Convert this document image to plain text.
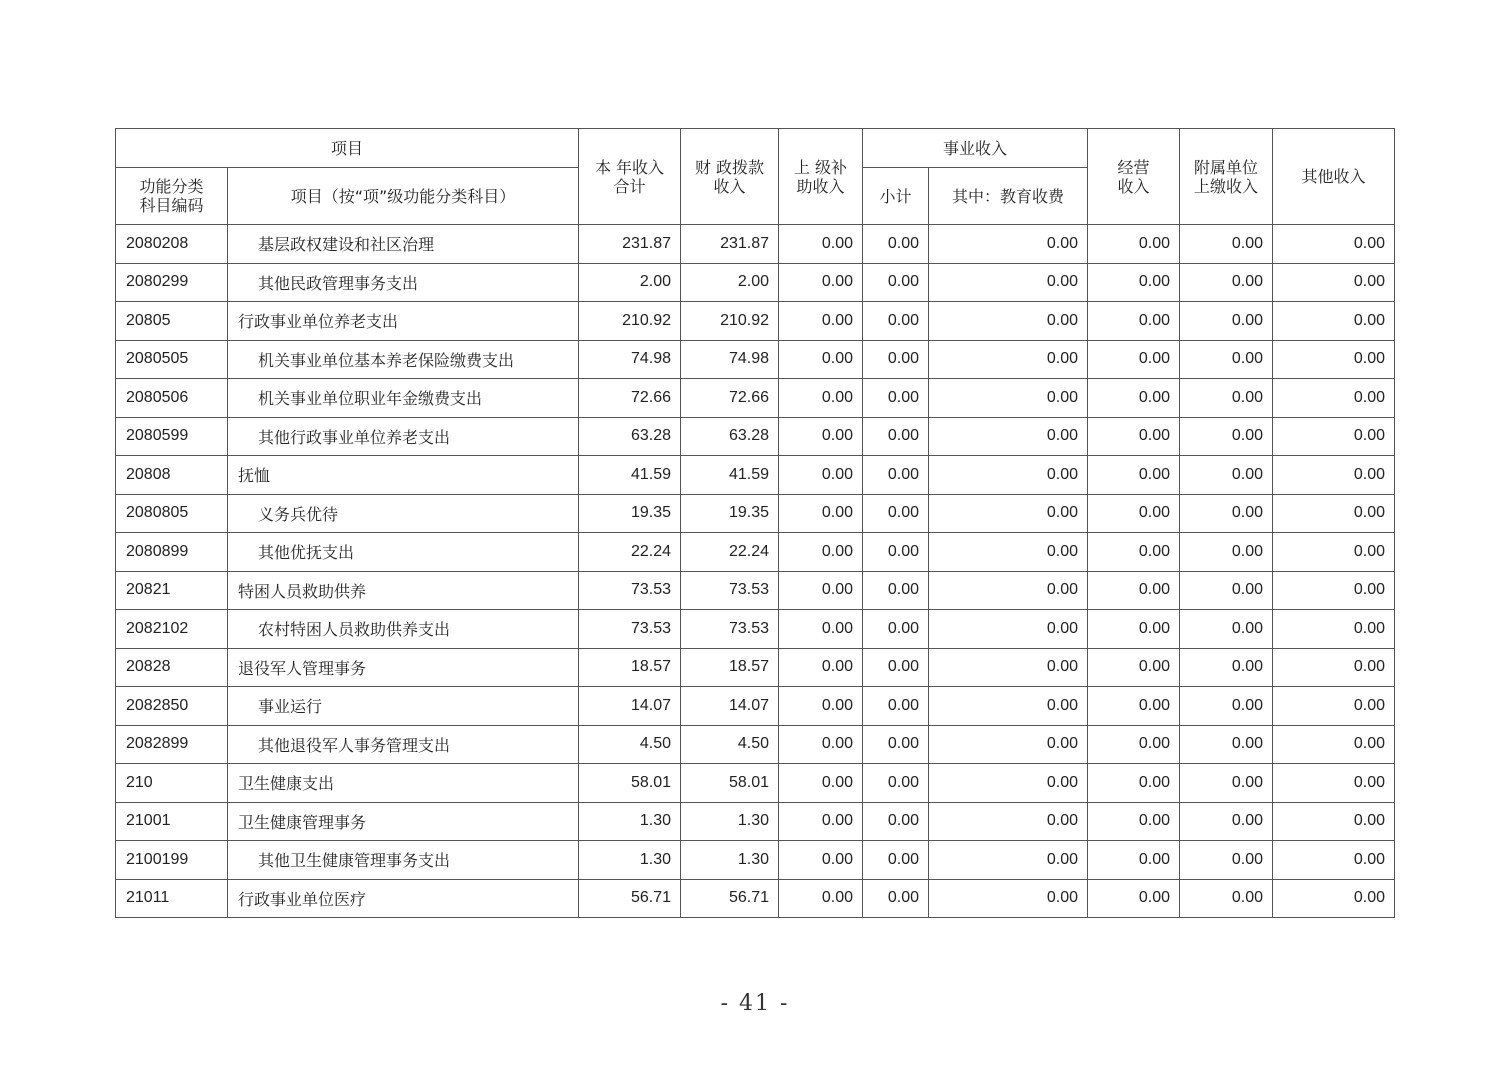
项目		本 年收入合计	财 政拨款收入	上 级补助收入	事业收入		经营收入	附属单位上缴收入	其他收入
功能分类科目编码	项目（按“项”级功能分类科目）				小计	其中：教育收费			
2080208	基层政权建设和社区治理	231.87	231.87	0.00	0.00	0.00	0.00	0.00	0.00
2080299	其他民政管理事务支出	2.00	2.00	0.00	0.00	0.00	0.00	0.00	0.00
20805	行政事业单位养老支出	210.92	210.92	0.00	0.00	0.00	0.00	0.00	0.00
2080505	机关事业单位基本养老保险缴费支出	74.98	74.98	0.00	0.00	0.00	0.00	0.00	0.00
2080506	机关事业单位职业年金缴费支出	72.66	72.66	0.00	0.00	0.00	0.00	0.00	0.00
2080599	其他行政事业单位养老支出	63.28	63.28	0.00	0.00	0.00	0.00	0.00	0.00
20808	抚恤	41.59	41.59	0.00	0.00	0.00	0.00	0.00	0.00
2080805	义务兵优待	19.35	19.35	0.00	0.00	0.00	0.00	0.00	0.00
2080899	其他优抚支出	22.24	22.24	0.00	0.00	0.00	0.00	0.00	0.00
20821	特困人员救助供养	73.53	73.53	0.00	0.00	0.00	0.00	0.00	0.00
2082102	农村特困人员救助供养支出	73.53	73.53	0.00	0.00	0.00	0.00	0.00	0.00
20828	退役军人管理事务	18.57	18.57	0.00	0.00	0.00	0.00	0.00	0.00
2082850	事业运行	14.07	14.07	0.00	0.00	0.00	0.00	0.00	0.00
2082899	其他退役军人事务管理支出	4.50	4.50	0.00	0.00	0.00	0.00	0.00	0.00
210	卫生健康支出	58.01	58.01	0.00	0.00	0.00	0.00	0.00	0.00
21001	卫生健康管理事务	1.30	1.30	0.00	0.00	0.00	0.00	0.00	0.00
2100199	其他卫生健康管理事务支出	1.30	1.30	0.00	0.00	0.00	0.00	0.00	0.00
21011	行政事业单位医疗	56.71	56.71	0.00	0.00	0.00	0.00	0.00	0.00
- 41 -
